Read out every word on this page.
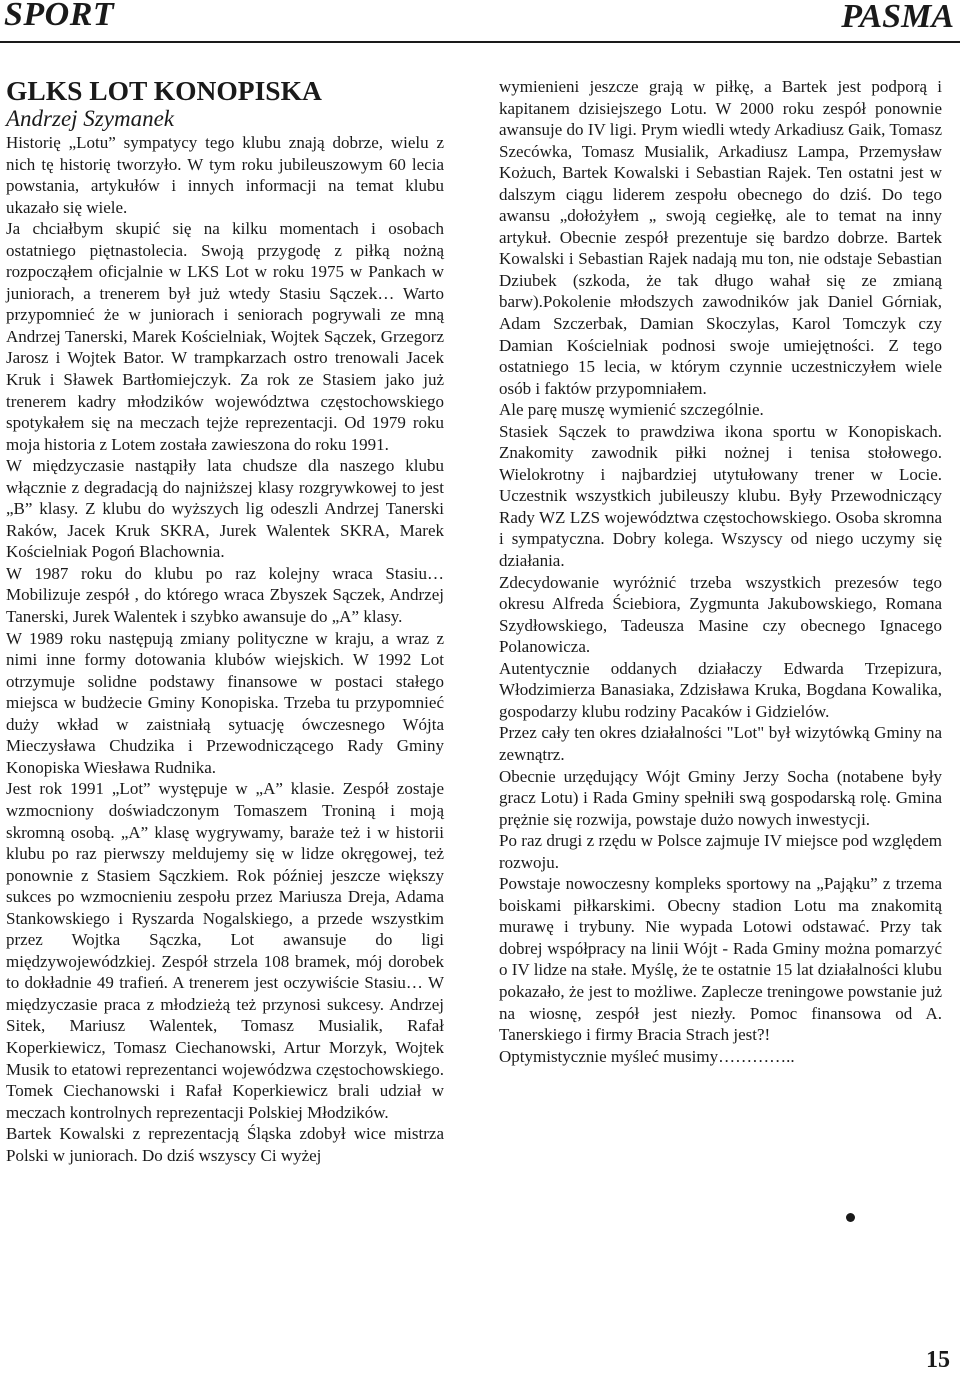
SPORT	PASMA
GLKS LOT KONOPISKA

Andrzej Szymanek

Historię „Lotu” sympatycy tego klubu znają dobrze, wielu z nich tę historię tworzyło. W tym roku jubileuszowym 60 lecia powstania, artykułów i innych informacji na temat klubu ukazało się wiele.

Ja chciałbym skupić się na kilku momentach i osobach ostatniego piętnastolecia. Swoją przygodę z piłką nożną rozpocząłem oficjalnie w LKS Lot w roku 1975 w Pankach w juniorach, a trenerem był już wtedy Stasiu Sączek… Warto przypomnieć że w juniorach i seniorach pogrywali ze mną Andrzej Tanerski, Marek Kościelniak, Wojtek Sączek, Grzegorz Jarosz i Wojtek Bator. W trampkarzach ostro trenowali Jacek Kruk i Sławek Bartłomiejczyk. Za rok ze Stasiem jako już trenerem kadry młodzików województwa częstochowskiego spotykałem się na meczach tejże reprezentacji. Od 1979 roku moja historia z Lotem została zawieszona do roku 1991.

W międzyczasie nastąpiły lata chudsze dla naszego klubu włącznie z degradacją do najniższej klasy rozgrywkowej to jest „B” klasy. Z klubu do wyższych lig odeszli Andrzej Tanerski Raków, Jacek Kruk SKRA, Jurek Walentek SKRA, Marek Kościelniak Pogoń Blachownia.

W 1987 roku do klubu po raz kolejny wraca Stasiu… Mobilizuje zespół , do którego wraca Zbyszek Sączek, Andrzej Tanerski, Jurek Walentek i szybko awansuje do „A” klasy.

W 1989 roku następują zmiany polityczne w kraju, a wraz z nimi inne formy dotowania klubów wiejskich. W 1992 Lot otrzymuje solidne podstawy finansowe w postaci stałego miejsca w budżecie Gminy Konopiska. Trzeba tu przypomnieć duży wkład w zaistniałą sytuację ówczesnego Wójta Mieczysława Chudzika i Przewodniczącego Rady Gminy Konopiska Wiesława Rudnika.

Jest rok 1991 „Lot” występuje w „A” klasie. Zespół zostaje wzmocniony doświadczonym Tomaszem Troniną i moją skromną osobą. „A” klasę wygrywamy, baraże też i w historii klubu po raz pierwszy meldujemy się w lidze okręgowej, też ponownie z Stasiem Sączkiem. Rok później jeszcze większy sukces po wzmocnieniu zespołu przez Mariusza Dreja, Adama Stankowskiego i Ryszarda Nogalskiego, a przede wszystkim przez Wojtka Sączka, Lot awansuje do ligi międzywojewódzkiej. Zespół strzela 108 bramek, mój dorobek to dokładnie 49 trafień. A trenerem jest oczywiście Stasiu… W międzyczasie praca z młodzieżą też przynosi sukcesy. Andrzej Sitek, Mariusz Walentek, Tomasz Musialik, Rafał Koperkiewicz, Tomasz Ciechanowski, Artur Morzyk, Wojtek Musik to etatowi reprezentanci wojewódzwa częstochowskiego. Tomek Ciechanowski i Rafał Koperkiewicz brali udział w meczach kontrolnych reprezentacji Polskiej Młodzików.

Bartek Kowalski z reprezentacją Śląska zdobył wice mistrza Polski w juniorach. Do dziś wszyscy Ci wyżej

wymienieni jeszcze grają w piłkę, a Bartek jest podporą i kapitanem dzisiejszego Lotu. W 2000 roku zespół ponownie awansuje do IV ligi. Prym wiedli wtedy Arkadiusz Gaik, Tomasz Szecówka, Tomasz Musialik, Arkadiusz Lampa, Przemysław Kożuch, Bartek Kowalski i Sebastian Rajek. Ten ostatni jest w dalszym ciągu liderem zespołu obecnego do dziś. Do tego awansu „dołożyłem „ swoją cegiełkę, ale to temat na inny artykuł. Obecnie zespół prezentuje się bardzo dobrze. Bartek Kowalski i Sebastian Rajek nadają mu ton, nie odstaje Sebastian Dziubek (szkoda, że tak długo wahał się ze zmianą barw).Pokolenie młodszych zawodników jak Daniel Górniak, Adam Szczerbak, Damian Skoczylas, Karol Tomczyk czy Damian Kościelniak podnosi swoje umiejętności. Z tego ostatniego 15 lecia, w którym czynnie uczestniczyłem wiele osób i faktów przypomniałem.

Ale parę muszę wymienić szczególnie.

Stasiek Sączek to prawdziwa ikona sportu w Konopiskach. Znakomity zawodnik piłki nożnej i tenisa stołowego. Wielokrotny i najbardziej utytułowany trener w Locie. Uczestnik wszystkich jubileuszy klubu. Były Przewodniczący Rady WZ LZS województwa częstochowskiego. Osoba skromna i sympatyczna. Dobry kolega. Wszyscy od niego uczymy się działania.

Zdecydowanie wyróżnić trzeba wszystkich prezesów tego okresu Alfreda Ściebiora, Zygmunta Jakubowskiego, Romana Szydłowskiego, Tadeusza Masine czy obecnego Ignacego Polanowicza.

Autentycznie oddanych działaczy Edwarda Trzepizura, Włodzimierza Banasiaka, Zdzisława Kruka, Bogdana Kowalika, gospodarzy klubu rodziny Pacaków i Gidzielów.

Przez cały ten okres działalności "Lot" był wizytówką Gminy na zewnątrz.

Obecnie urzędujący Wójt Gminy Jerzy Socha (notabene były gracz Lotu) i Rada Gminy spełniłi swą gospodarską rolę. Gmina prężnie się rozwija, powstaje dużo nowych inwestycji.

Po raz drugi z rzędu w Polsce zajmuje IV miejsce pod względem rozwoju.

Powstaje nowoczesny kompleks sportowy na „Pająku” z trzema boiskami piłkarskimi. Obecny stadion Lotu ma znakomitą murawę i trybuny. Nie wypada Lotowi odstawać. Przy tak dobrej współpracy na linii Wójt - Rada Gminy można pomarzyć o IV lidze na stałe. Myślę, że te ostatnie 15 lat działalności klubu pokazało, że jest to możliwe. Zaplecze treningowe powstanie już na wiosnę, zespół jest niezły. Pomoc finansowa od A. Tanerskiego i firmy Bracia Strach jest?!

Optymistycznie myśleć musimy…………..

15
